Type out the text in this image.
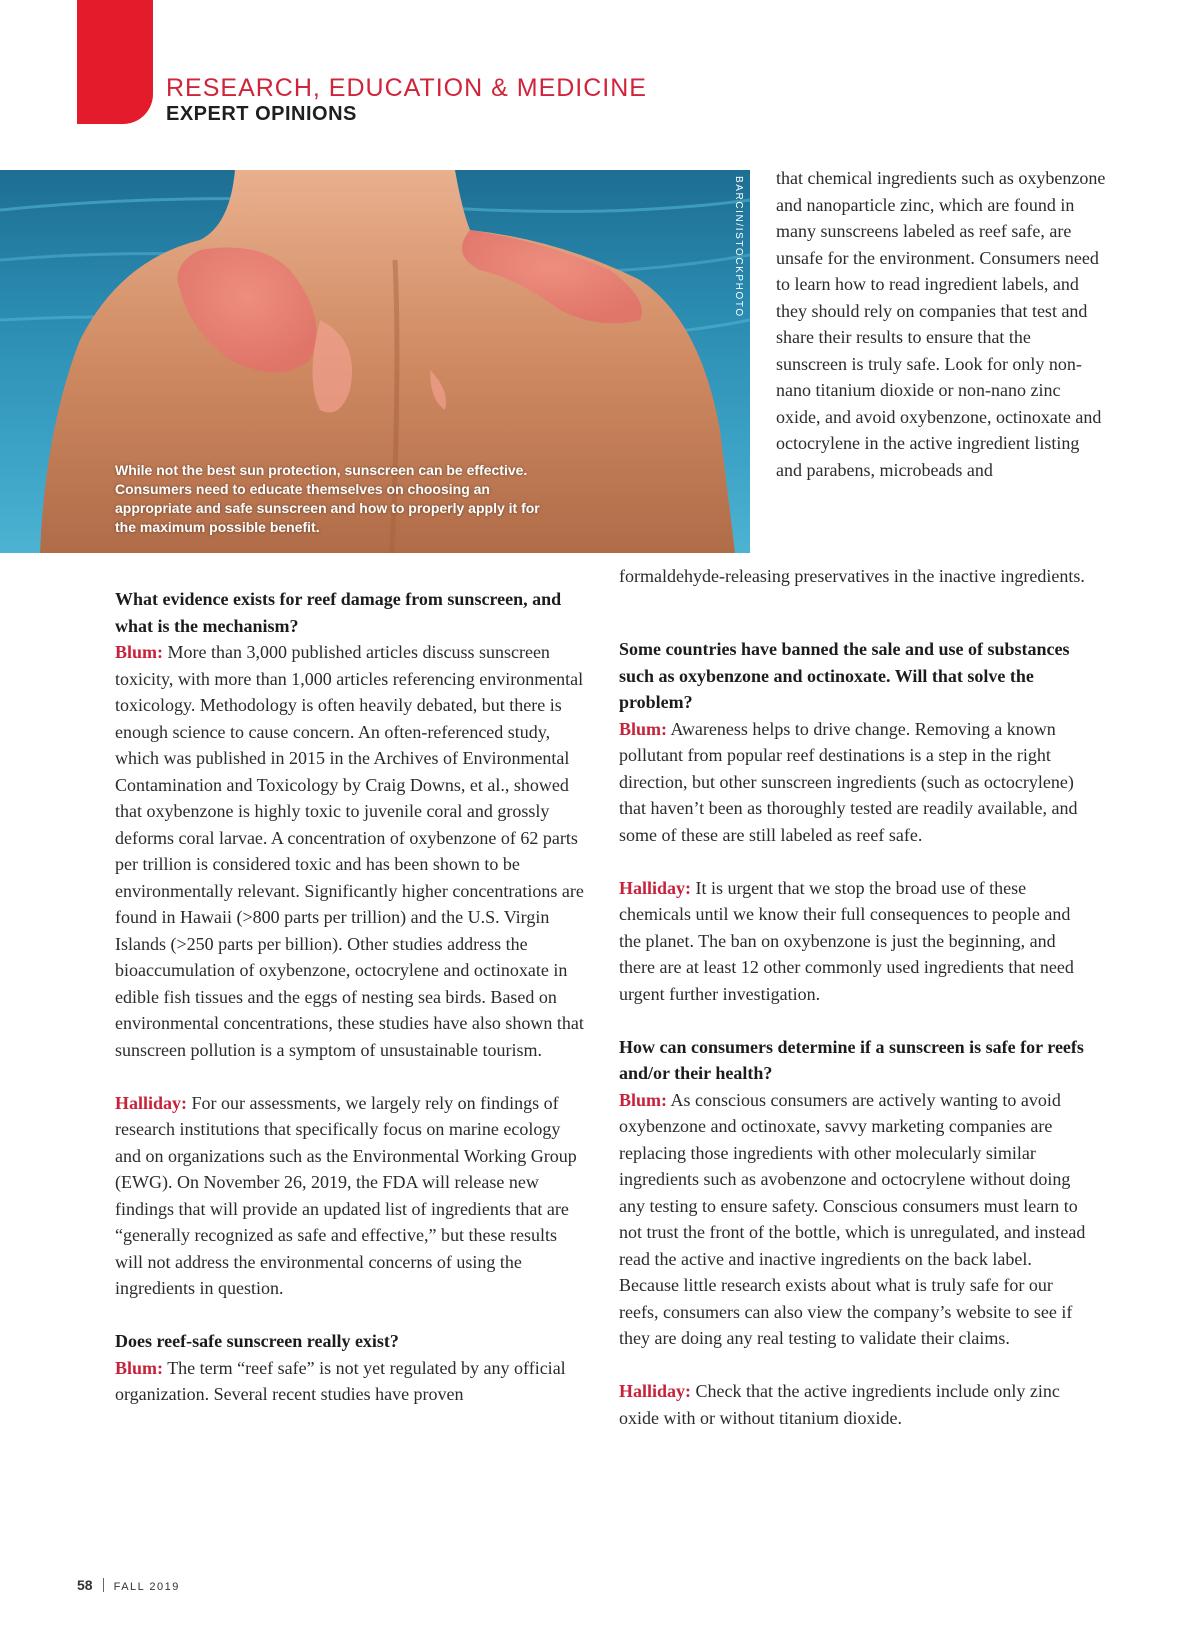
RESEARCH, EDUCATION & MEDICINE
EXPERT OPINIONS
BARCIN/ISTOCKPHOTO
While not the best sun protection, sunscreen can be effective. Consumers need to educate themselves on choosing an appropriate and safe sunscreen and how to properly apply it for the maximum possible benefit.
that chemical ingredients such as oxybenzone and nanoparticle zinc, which are found in many sunscreens labeled as reef safe, are unsafe for the environment. Consumers need to learn how to read ingredient labels, and they should rely on companies that test and share their results to ensure that the sunscreen is truly safe. Look for only non-nano titanium dioxide or non-nano zinc oxide, and avoid oxybenzone, octinoxate and octocrylene in the active ingredient listing and parabens, microbeads and
formaldehyde-releasing preservatives in the inactive ingredients.

What evidence exists for reef damage from sunscreen, and what is the mechanism?
Blum: More than 3,000 published articles discuss sunscreen toxicity, with more than 1,000 articles referencing environmental toxicology. Methodology is often heavily debated, but there is enough science to cause concern. An often-referenced study, which was published in 2015 in the Archives of Environmental Contamination and Toxicology by Craig Downs, et al., showed that oxybenzone is highly toxic to juvenile coral and grossly deforms coral larvae. A concentration of oxybenzone of 62 parts per trillion is considered toxic and has been shown to be environmentally relevant. Significantly higher concentrations are found in Hawaii (>800 parts per trillion) and the U.S. Virgin Islands (>250 parts per billion). Other studies address the bioaccumulation of oxybenzone, octocrylene and octinoxate in edible fish tissues and the eggs of nesting sea birds. Based on environmental concentrations, these studies have also shown that sunscreen pollution is a symptom of unsustainable tourism.

Halliday: For our assessments, we largely rely on findings of research institutions that specifically focus on marine ecology and on organizations such as the Environmental Working Group (EWG). On November 26, 2019, the FDA will release new findings that will provide an updated list of ingredients that are “generally recognized as safe and effective,” but these results will not address the environmental concerns of using the ingredients in question.

Does reef-safe sunscreen really exist?
Blum: The term “reef safe” is not yet regulated by any official organization. Several recent studies have proven

Some countries have banned the sale and use of substances such as oxybenzone and octinoxate. Will that solve the problem?
Blum: Awareness helps to drive change. Removing a known pollutant from popular reef destinations is a step in the right direction, but other sunscreen ingredients (such as octocrylene) that haven’t been as thoroughly tested are readily available, and some of these are still labeled as reef safe.

Halliday: It is urgent that we stop the broad use of these chemicals until we know their full consequences to people and the planet. The ban on oxybenzone is just the beginning, and there are at least 12 other commonly used ingredients that need urgent further investigation.

How can consumers determine if a sunscreen is safe for reefs and/or their health?
Blum: As conscious consumers are actively wanting to avoid oxybenzone and octinoxate, savvy marketing companies are replacing those ingredients with other molecularly similar ingredients such as avobenzone and octocrylene without doing any testing to ensure safety. Conscious consumers must learn to not trust the front of the bottle, which is unregulated, and instead read the active and inactive ingredients on the back label. Because little research exists about what is truly safe for our reefs, consumers can also view the company’s website to see if they are doing any real testing to validate their claims.

Halliday: Check that the active ingredients include only zinc oxide with or without titanium dioxide.

58 FALL 2019
